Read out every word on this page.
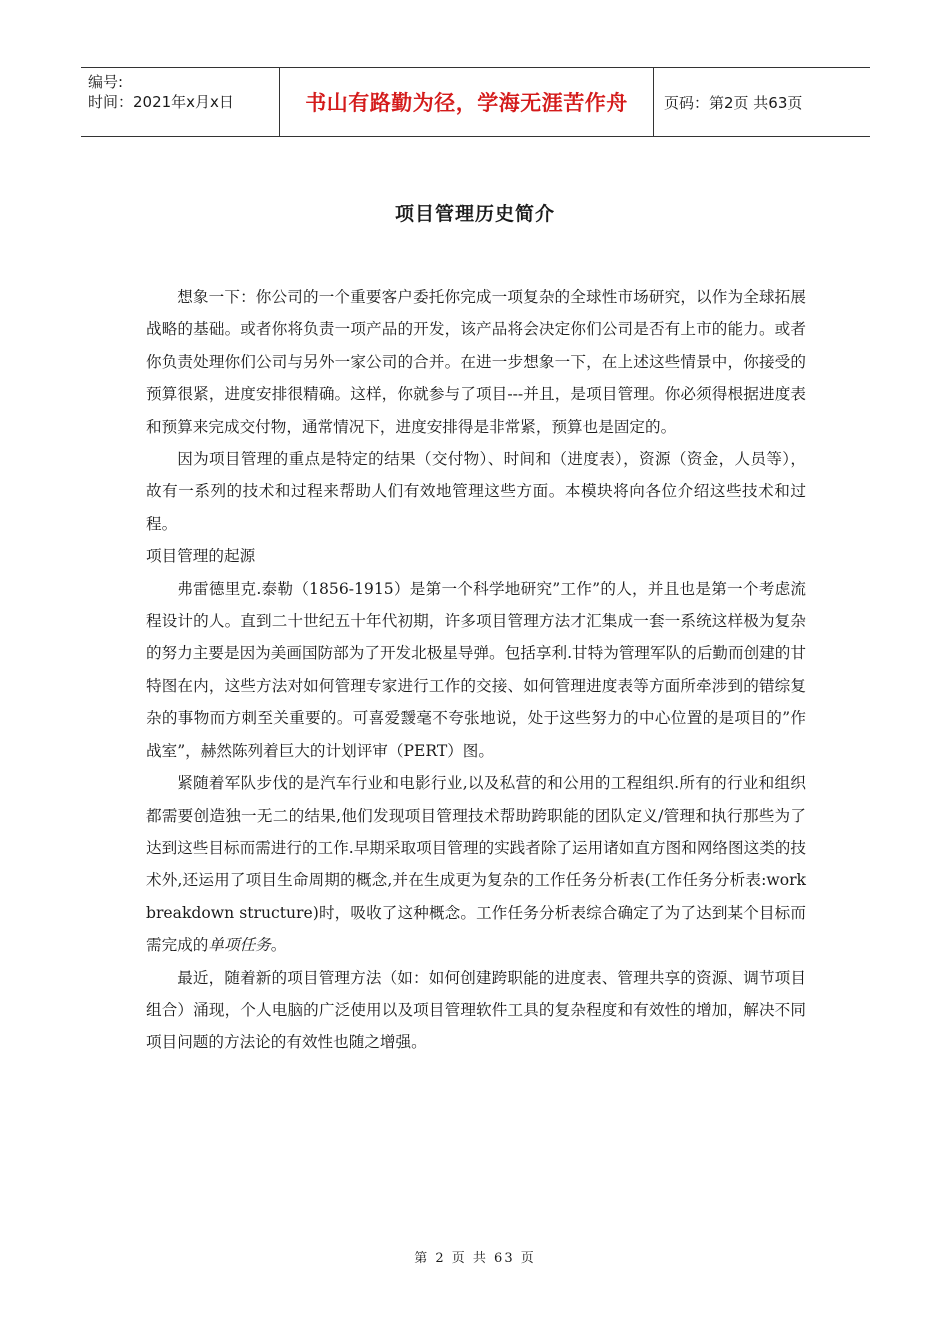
编号:
时间：2021年x月x日	书山有路勤为径，学海无涯苦作舟	页码：第2页 共63页
项目管理历史简介

想象一下：你公司的一个重要客户委托你完成一项复杂的全球性市场研究，以作为全球拓展战略的基础。或者你将负责一项产品的开发，该产品将会决定你们公司是否有上市的能力。或者你负责处理你们公司与另外一家公司的合并。在进一步想象一下，在上述这些情景中，你接受的预算很紧，进度安排很精确。这样，你就参与了项目---并且，是项目管理。你必须得根据进度表和预算来完成交付物，通常情况下，进度安排得是非常紧，预算也是固定的。

因为项目管理的重点是特定的结果（交付物）、时间和（进度表），资源（资金，人员等），故有一系列的技术和过程来帮助人们有效地管理这些方面。本模块将向各位介绍这些技术和过程。

项目管理的起源

弗雷德里克.泰勒（1856-1915）是第一个科学地研究”工作”的人，并且也是第一个考虑流程设计的人。直到二十世纪五十年代初期，许多项目管理方法才汇集成一套一系统这样极为复杂的努力主要是因为美画国防部为了开发北极星导弹。包括享利.甘特为管理军队的后勤而创建的甘特图在内，这些方法对如何管理专家进行工作的交接、如何管理进度表等方面所牵涉到的错综复杂的事物而方刺至关重要的。可喜爱靉毫不夸张地说，处于这些努力的中心位置的是项目的”作战室”，赫然陈列着巨大的计划评审（PERT）图。

紧随着军队步伐的是汽车行业和电影行业,以及私营的和公用的工程组织.所有的行业和组织都需要创造独一无二的结果,他们发现项目管理技术帮助跨职能的团队定义/管理和执行那些为了达到这些目标而需进行的工作.早期采取项目管理的实践者除了运用诸如直方图和网络图这类的技术外,还运用了项目生命周期的概念,并在生成更为复杂的工作任务分析表(工作任务分析表:work breakdown structure)时，吸收了这种概念。工作任务分析表综合确定了为了达到某个目标而需完成的单项任务。

最近，随着新的项目管理方法（如：如何创建跨职能的进度表、管理共享的资源、调节项目组合）涌现，个人电脑的广泛使用以及项目管理软件工具的复杂程度和有效性的增加，解决不同项目问题的方法论的有效性也随之增强。

第 2 页 共 63 页
